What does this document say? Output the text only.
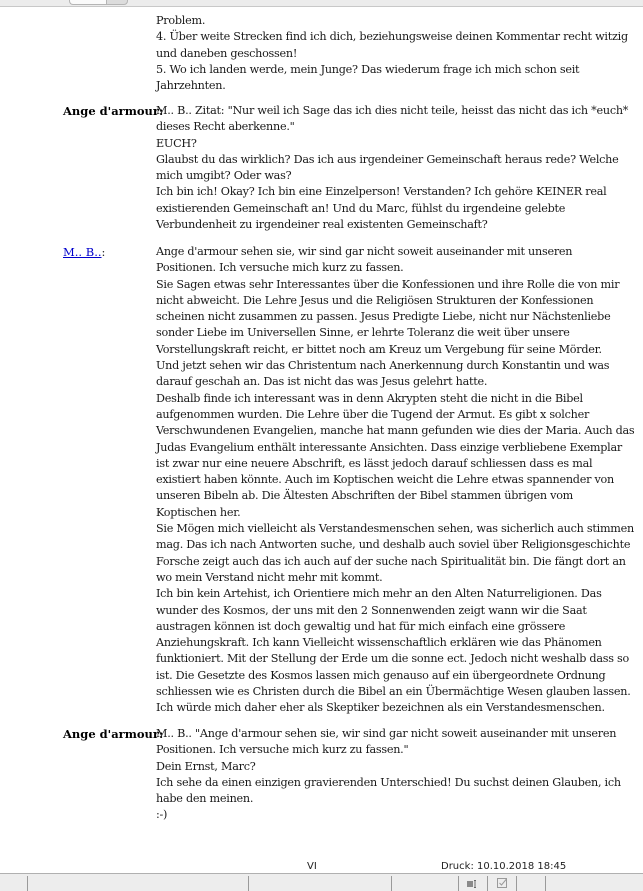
Problem.
4. Über weite Strecken find ich dich, beziehungsweise deinen Kommentar recht witzig
und daneben geschossen!
5. Wo ich landen werde, mein Junge? Das wiederum frage ich mich schon seit
Jahrzehnten.
Ange d'armour:
M.. B.. Zitat: "Nur weil ich Sage das ich dies nicht teile, heisst das nicht das ich *euch*
dieses Recht aberkenne."
EUCH?
Glaubst du das wirklich? Das ich aus irgendeiner Gemeinschaft heraus rede? Welche
mich umgibt? Oder was?
Ich bin ich! Okay? Ich bin eine Einzelperson! Verstanden? Ich gehöre KEINER real
existierenden Gemeinschaft an! Und du Marc, fühlst du irgendeine gelebte
Verbundenheit zu irgendeiner real existenten Gemeinschaft?
M.. B..:	Ange d'armour sehen sie, wir sind gar nicht soweit auseinander mit unseren
Positionen. Ich versuche mich kurz zu fassen.
Sie Sagen etwas sehr Interessantes über die Konfessionen und ihre Rolle die von mir
nicht abweicht. Die Lehre Jesus und die Religiösen Strukturen der Konfessionen
scheinen nicht zusammen zu passen. Jesus Predigte Liebe, nicht nur Nächstenliebe
sonder Liebe im Universellen Sinne, er lehrte Toleranz die weit über unsere
Vorstellungskraft reicht, er bittet noch am Kreuz um Vergebung für seine Mörder.
Und jetzt sehen wir das Christentum nach Anerkennung durch Konstantin und was
darauf geschah an. Das ist nicht das was Jesus gelehrt hatte.
Deshalb finde ich interessant was in denn Akrypten steht die nicht in die Bibel
aufgenommen wurden. Die Lehre über die Tugend der Armut. Es gibt x solcher
Verschwundenen Evangelien, manche hat mann gefunden wie dies der Maria. Auch das
Judas Evangelium enthält interessante Ansichten. Dass einzige verbliebene Exemplar
ist zwar nur eine neuere Abschrift, es lässt jedoch darauf schliessen dass es mal
existiert haben könnte. Auch im Koptischen weicht die Lehre etwas spannender von
unseren Bibeln ab. Die Ältesten Abschriften der Bibel stammen übrigen vom
Koptischen her.
Sie Mögen mich vielleicht als Verstandesmenschen sehen, was sicherlich auch stimmen
mag. Das ich nach Antworten suche, und deshalb auch soviel über Religionsgeschichte
Forsche zeigt auch das ich auch auf der suche nach Spiritualität bin. Die fängt dort an
wo mein Verstand nicht mehr mit kommt.
Ich bin kein Artehist, ich Orientiere mich mehr an den Alten Naturreligionen. Das
wunder des Kosmos, der uns mit den 2 Sonnenwenden zeigt wann wir die Saat
austragen können ist doch gewaltig und hat für mich einfach eine grössere
Anziehungskraft. Ich kann Vielleicht wissenschaftlich erklären wie das Phänomen
funktioniert. Mit der Stellung der Erde um die sonne ect. Jedoch nicht weshalb dass so
ist. Die Gesetzte des Kosmos lassen mich genauso auf ein übergeordnete Ordnung
schliessen wie es Christen durch die Bibel an ein Übermächtige Wesen glauben lassen.
Ich würde mich daher eher als Skeptiker bezeichnen als ein Verstandesmenschen.
Ange d'armour:
M.. B.. "Ange d'armour sehen sie, wir sind gar nicht soweit auseinander mit unseren
Positionen. Ich versuche mich kurz zu fassen."
Dein Ernst, Marc?
Ich sehe da einen einzigen gravierenden Unterschied! Du suchst deinen Glauben, ich
habe den meinen.
:-)
VI	Druck: 10.10.2018 18:45
